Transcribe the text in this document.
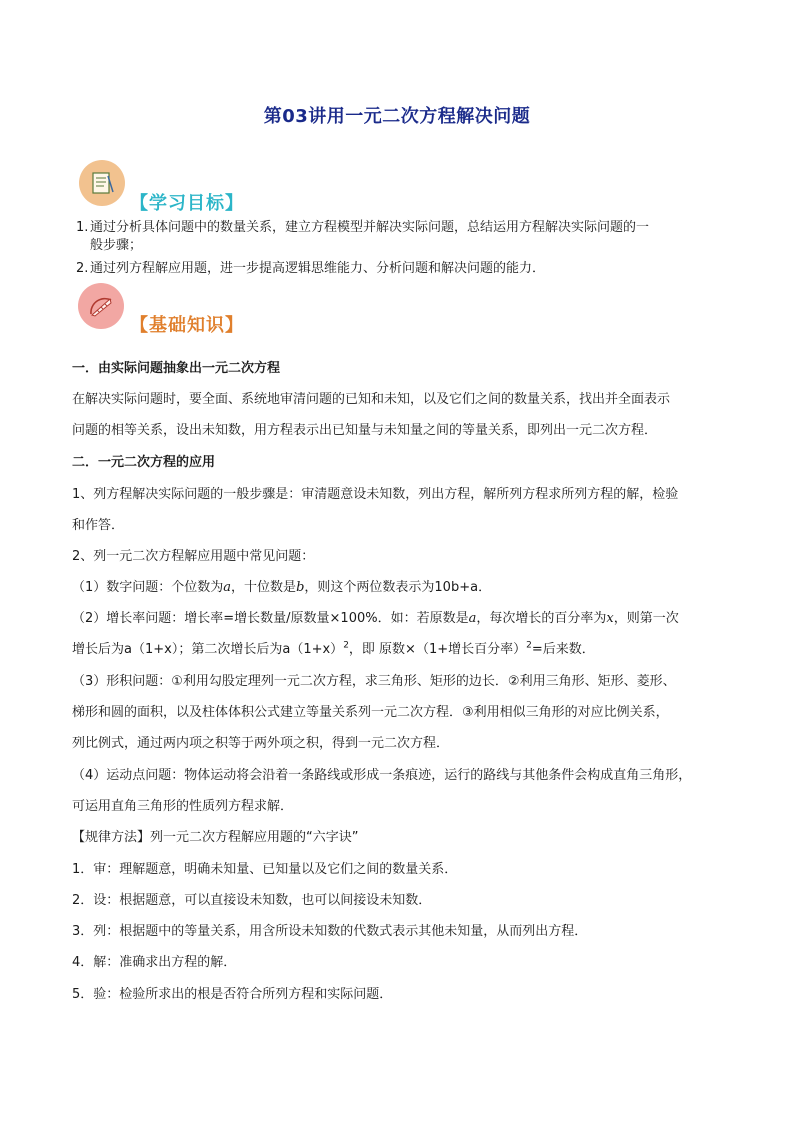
第03讲用一元二次方程解决问题
【学习目标】
1. 通过分析具体问题中的数量关系，建立方程模型并解决实际问题，总结运用方程解决实际问题的一
般步骤；
2. 通过列方程解应用题，进一步提高逻辑思维能力、分析问题和解决问题的能力．
【基础知识】
一．由实际问题抽象出一元二次方程
在解决实际问题时，要全面、系统地审清问题的已知和未知，以及它们之间的数量关系，找出并全面表示
问题的相等关系，设出未知数，用方程表示出已知量与未知量之间的等量关系，即列出一元二次方程．
二．一元二次方程的应用
1、列方程解决实际问题的一般步骤是：审清题意设未知数，列出方程，解所列方程求所列方程的解，检验
和作答．
2、列一元二次方程解应用题中常见问题：
（1）数字问题：个位数为a，十位数是b，则这个两位数表示为10b+a．
（2）增长率问题：增长率=增长数量/原数量×100%．如：若原数是a，每次增长的百分率为x，则第一次
增长后为a（1+x）；第二次增长后为$a(1+x)^2$，即 原数×（1+增长百分率）$^2$=后来数．
（3）形积问题：①利用勾股定理列一元二次方程，求三角形、矩形的边长．②利用三角形、矩形、菱形、
梯形和圆的面积，以及柱体体积公式建立等量关系列一元二次方程．③利用相似三角形的对应比例关系，
列比例式，通过两内项之积等于两外项之积，得到一元二次方程．
（4）运动点问题：物体运动将会沿着一条路线或形成一条痕迹，运行的路线与其他条件会构成直角三角形，
可运用直角三角形的性质列方程求解．
【规律方法】列一元二次方程解应用题的“六字诀”
1．审：理解题意，明确未知量、已知量以及它们之间的数量关系．
2．设：根据题意，可以直接设未知数，也可以间接设未知数．
3．列：根据题中的等量关系，用含所设未知数的代数式表示其他未知量，从而列出方程．
4．解：准确求出方程的解．
5．验：检验所求出的根是否符合所列方程和实际问题．
